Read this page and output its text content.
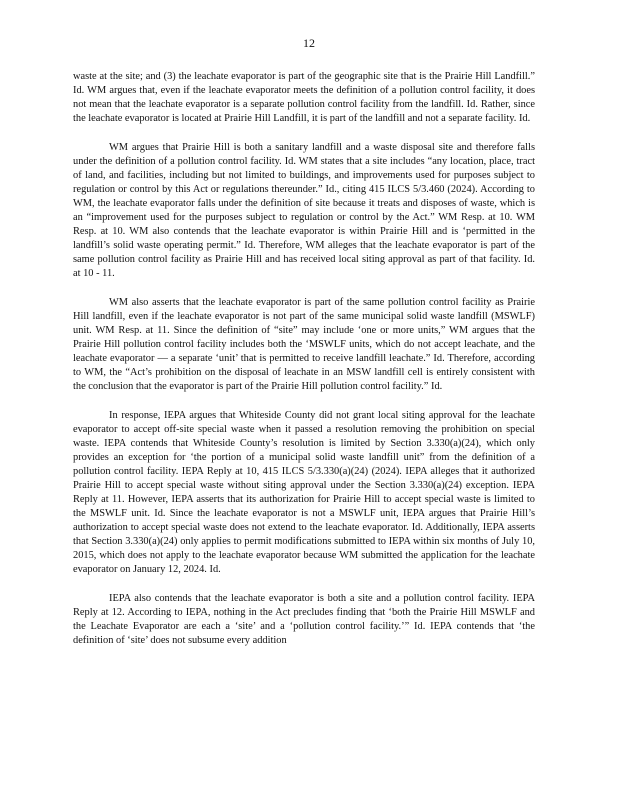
12

waste at the site; and (3) the leachate evaporator is part of the geographic site that is the Prairie Hill Landfill.” Id. WM argues that, even if the leachate evaporator meets the definition of a pollution control facility, it does not mean that the leachate evaporator is a separate pollution control facility from the landfill. Id. Rather, since the leachate evaporator is located at Prairie Hill Landfill, it is part of the landfill and not a separate facility. Id.

WM argues that Prairie Hill is both a sanitary landfill and a waste disposal site and therefore falls under the definition of a pollution control facility. Id. WM states that a site includes “any location, place, tract of land, and facilities, including but not limited to buildings, and improvements used for purposes subject to regulation or control by this Act or regulations thereunder.” Id., citing 415 ILCS 5/3.460 (2024). According to WM, the leachate evaporator falls under the definition of site because it treats and disposes of waste, which is an “improvement used for the purposes subject to regulation or control by the Act.” WM Resp. at 10. WM Resp. at 10. WM also contends that the leachate evaporator is within Prairie Hill and is ‘permitted in the landfill’s solid waste operating permit.” Id. Therefore, WM alleges that the leachate evaporator is part of the same pollution control facility as Prairie Hill and has received local siting approval as part of that facility. Id. at 10 - 11.

WM also asserts that the leachate evaporator is part of the same pollution control facility as Prairie Hill landfill, even if the leachate evaporator is not part of the same municipal solid waste landfill (MSWLF) unit. WM Resp. at 11. Since the definition of “site” may include ‘one or more units,” WM argues that the Prairie Hill pollution control facility includes both the ‘MSWLF units, which do not accept leachate, and the leachate evaporator — a separate ‘unit’ that is permitted to receive landfill leachate.” Id. Therefore, according to WM, the “Act’s prohibition on the disposal of leachate in an MSW landfill cell is entirely consistent with the conclusion that the evaporator is part of the Prairie Hill pollution control facility.” Id.

In response, IEPA argues that Whiteside County did not grant local siting approval for the leachate evaporator to accept off-site special waste when it passed a resolution removing the prohibition on special waste. IEPA contends that Whiteside County’s resolution is limited by Section 3.330(a)(24), which only provides an exception for ‘the portion of a municipal solid waste landfill unit” from the definition of a pollution control facility. IEPA Reply at 10, 415 ILCS 5/3.330(a)(24) (2024). IEPA alleges that it authorized Prairie Hill to accept special waste without siting approval under the Section 3.330(a)(24) exception. IEPA Reply at 11. However, IEPA asserts that its authorization for Prairie Hill to accept special waste is limited to the MSWLF unit. Id. Since the leachate evaporator is not a MSWLF unit, IEPA argues that Prairie Hill’s authorization to accept special waste does not extend to the leachate evaporator. Id. Additionally, IEPA asserts that Section 3.330(a)(24) only applies to permit modifications submitted to IEPA within six months of July 10, 2015, which does not apply to the leachate evaporator because WM submitted the application for the leachate evaporator on January 12, 2024. Id.

IEPA also contends that the leachate evaporator is both a site and a pollution control facility. IEPA Reply at 12. According to IEPA, nothing in the Act precludes finding that ‘both the Prairie Hill MSWLF and the Leachate Evaporator are each a ‘site’ and a ‘pollution control facility.’” Id. IEPA contends that ‘the definition of ‘site’ does not subsume every addition
